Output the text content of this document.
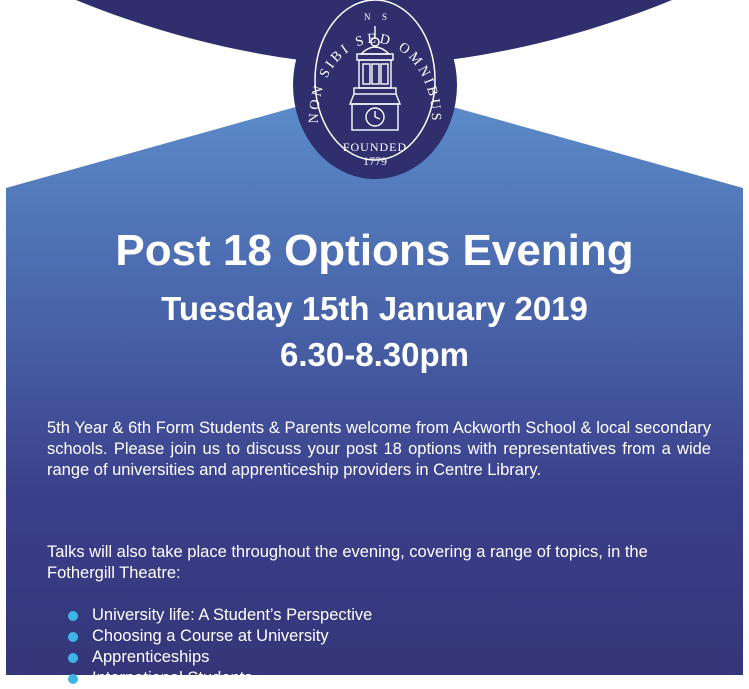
NON SIBI SED OMNIBUS
N S
FOUNDED
1779
Post 18 Options Evening
Tuesday 15th January 2019
6.30-8.30pm

5th Year & 6th Form Students & Parents welcome from Ackworth School & local secondary schools. Please join us to discuss your post 18 options with representatives from a wide range of universities and apprenticeship providers in Centre Library.

Talks will also take place throughout the evening, covering a range of topics, in the Fothergill Theatre:

University life: A Student’s Perspective
Choosing a Course at University
Apprenticeships
International Students
